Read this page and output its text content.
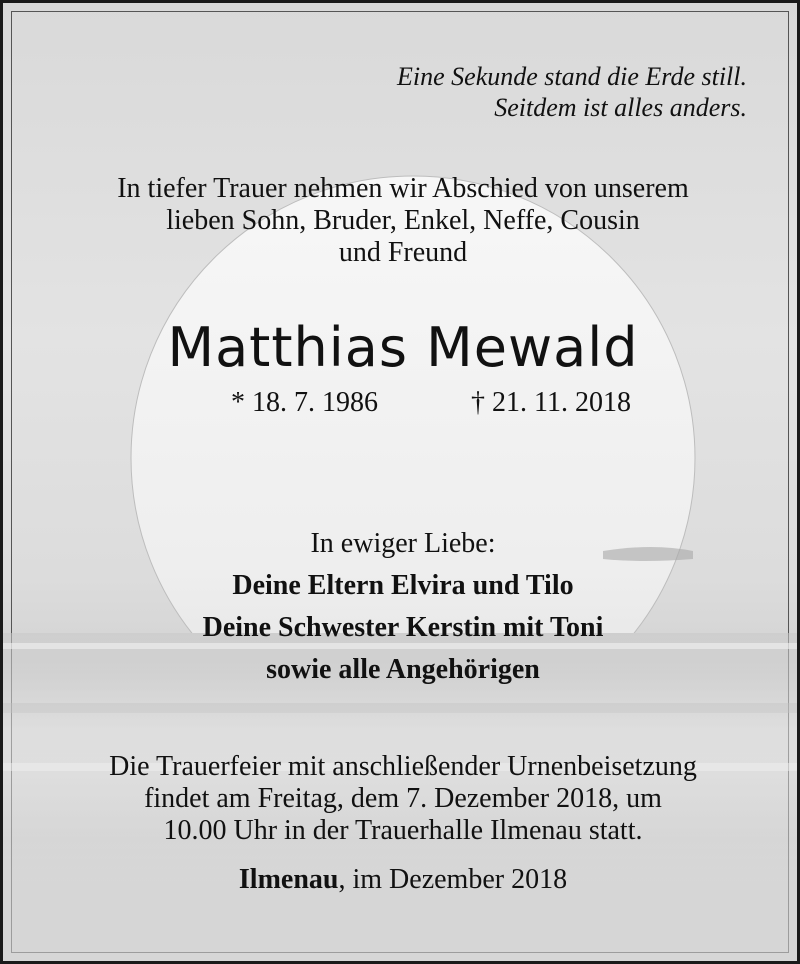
Eine Sekunde stand die Erde still.
Seitdem ist alles anders.
In tiefer Trauer nehmen wir Abschied von unserem
lieben Sohn, Bruder, Enkel, Neffe, Cousin
und Freund
Matthias Mewald
* 18. 7. 1986	† 21. 11. 2018
In ewiger Liebe:
Deine Eltern Elvira und Tilo
Deine Schwester Kerstin mit Toni
sowie alle Angehörigen
Die Trauerfeier mit anschließender Urnenbeisetzung
findet am Freitag, dem 7. Dezember 2018, um
10.00 Uhr in der Trauerhalle Ilmenau statt.
Ilmenau, im Dezember 2018
